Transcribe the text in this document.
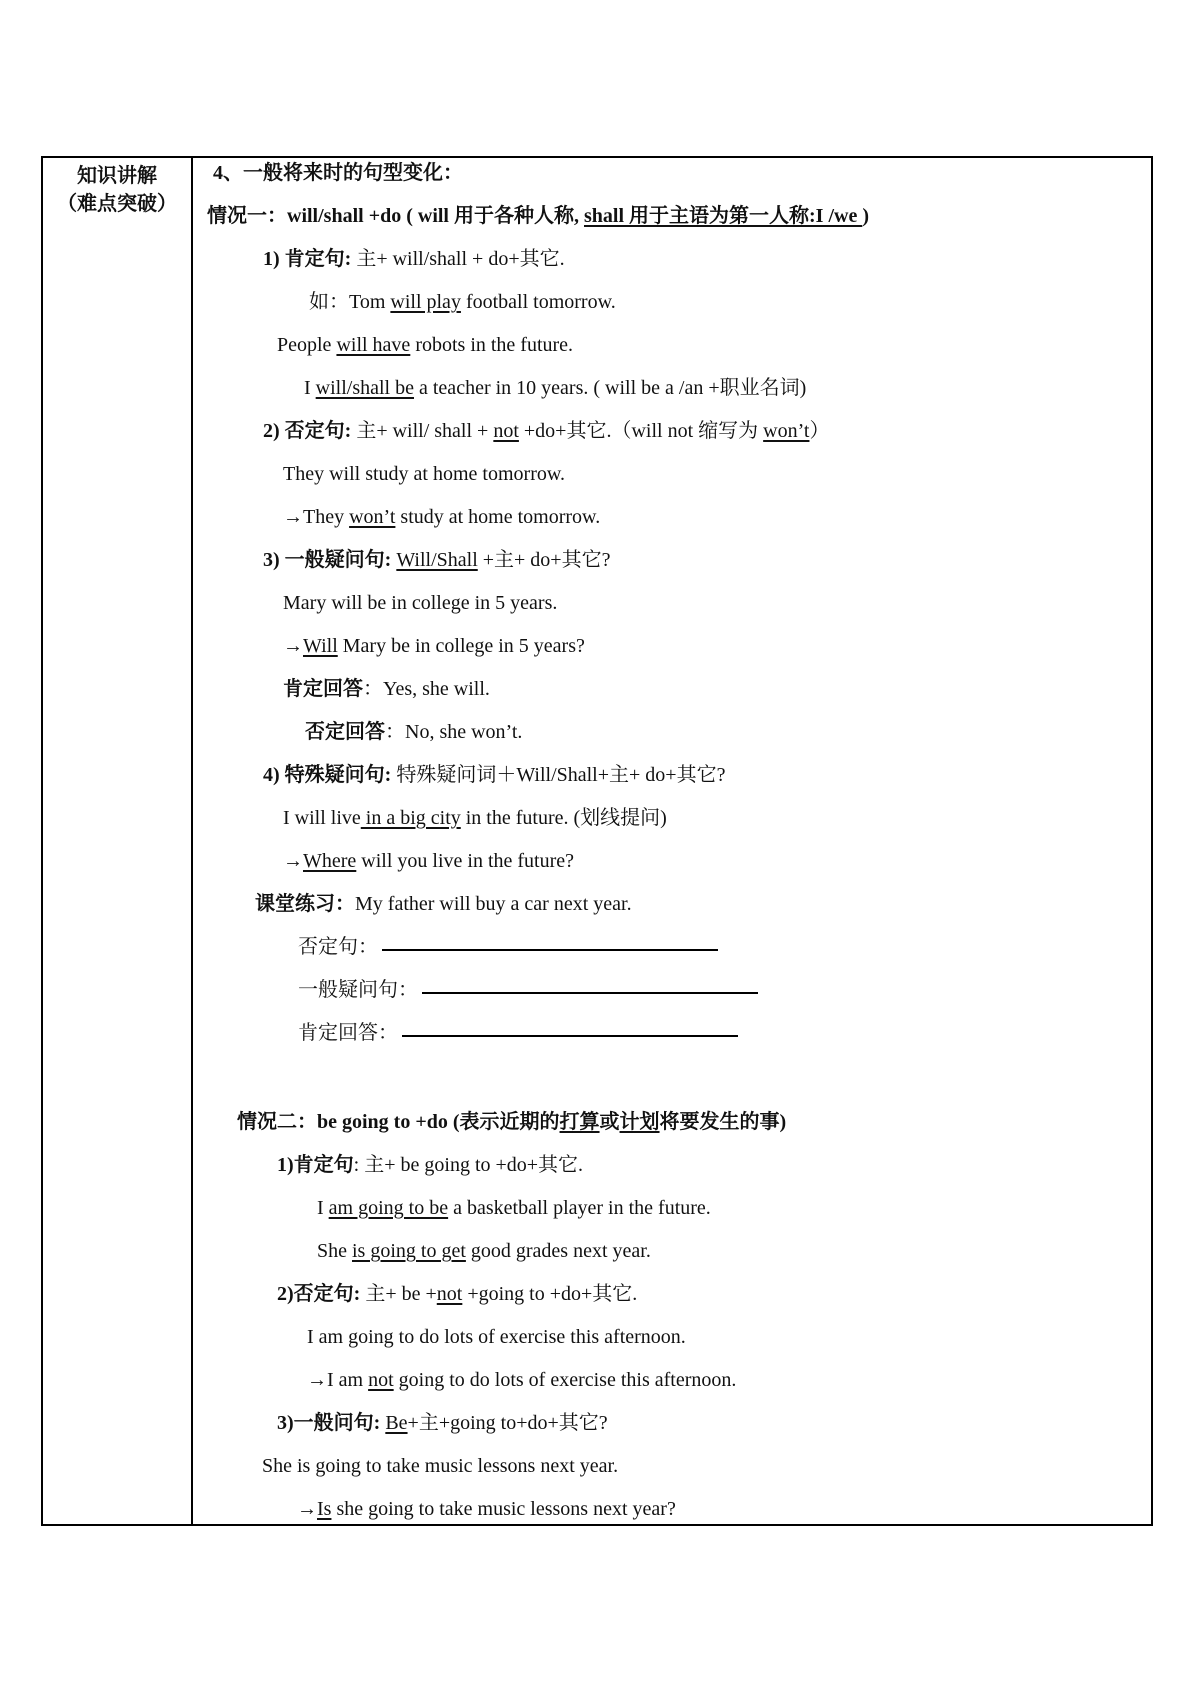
知识讲解
（难点突破）
4、一般将来时的句型变化：
情况一：will/shall +do ( will 用于各种人称, shall 用于主语为第一人称:I /we )
1) 肯定句: 主+ will/shall + do+其它.
如：Tom will play football tomorrow.
People will have robots in the future.
I will/shall be a teacher in 10 years. ( will be a /an +职业名词)
2) 否定句: 主+ will/ shall + not +do+其它.（will not 缩写为 won’t）
They will study at home tomorrow.
→They won’t study at home tomorrow.
3) 一般疑问句: Will/Shall +主+ do+其它?
Mary will be in college in 5 years.
→Will Mary be in college in 5 years?
肯定回答：Yes, she will.
否定回答：No, she won’t.
4) 特殊疑问句: 特殊疑问词＋Will/Shall+主+ do+其它?
I will live in a big city in the future. (划线提问)
→Where will you live in the future?
课堂练习：My father will buy a car next year.
否定句：
一般疑问句：
肯定回答：
情况二：be going to +do (表示近期的打算或计划将要发生的事)
1)肯定句: 主+ be going to +do+其它.
I am going to be a basketball player in the future.
She is going to get good grades next year.
2)否定句: 主+ be +not +going to +do+其它.
I am going to do lots of exercise this afternoon.
→I am not going to do lots of exercise this afternoon.
3)一般问句: Be+主+going to+do+其它?
She is going to take music lessons next year.
→Is she going to take music lessons next year?
